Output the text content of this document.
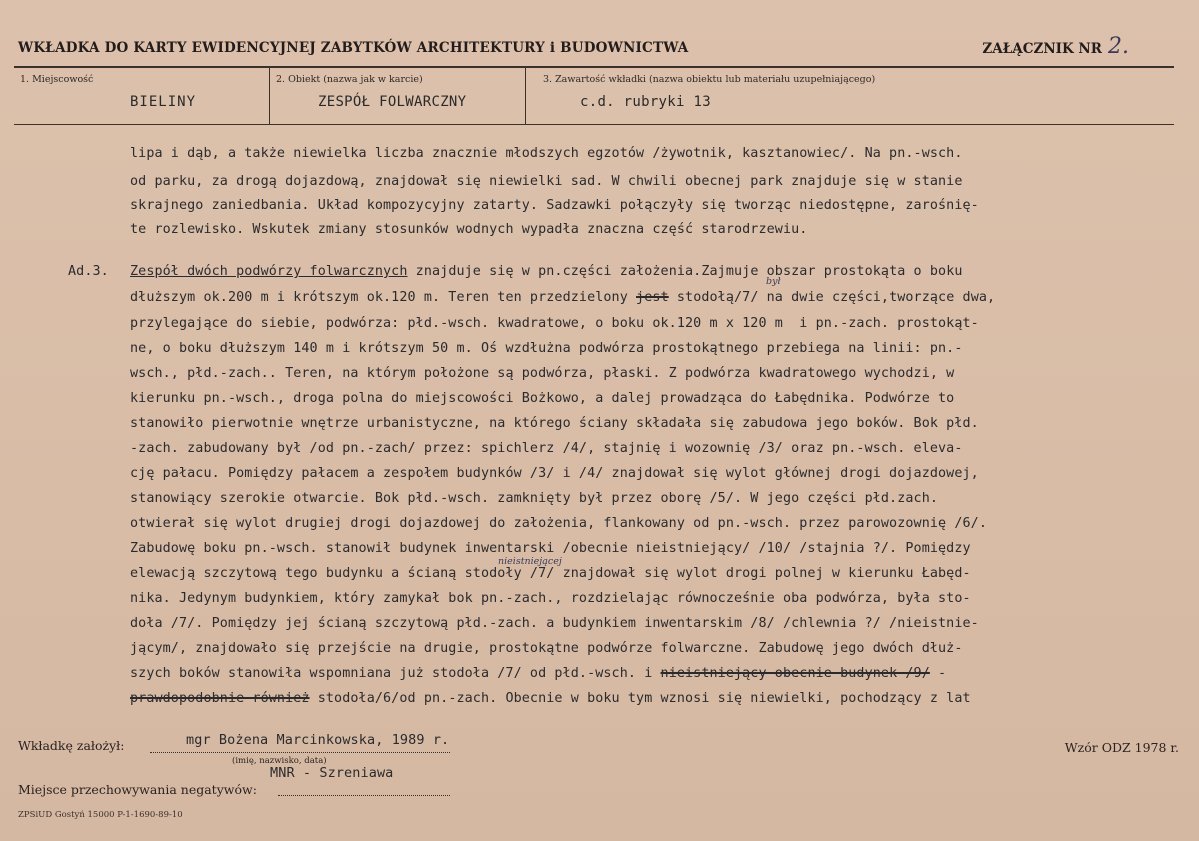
WKŁADKA DO KARTY EWIDENCYJNEJ ZABYTKÓW ARCHITEKTURY i BUDOWNICTWA	ZAŁĄCZNIK NR 2.
1. Miejscowość
BIELINY
2. Obiekt (nazwa jak w karcie)
ZESPÓŁ FOLWARCZNY
3. Zawartość wkładki (nazwa obiektu lub materiału uzupełniającego)
c.d. rubryki 13
lipa i dąb, a także niewielka liczba znacznie młodszych egzotów /żywotnik, kasztanowiec/. Na pn.-wsch.
od parku, za drogą dojazdową, znajdował się niewielki sad. W chwili obecnej park znajduje się w stanie
skrajnego zaniedbania. Układ kompozycyjny zatarty. Sadzawki połączyły się tworząc niedostępne, zarośnię-
te rozlewisko. Wskutek zmiany stosunków wodnych wypadła znaczna część starodrzewiu.
Ad.3. Zespół dwóch podwórzy folwarcznych znajduje się w pn.części założenia.Zajmuje obszar prostokąta o boku
był
dłuższym ok.200 m i krótszym ok.120 m. Teren ten przedzielony jest stodołą/7/ na dwie części,tworzące dwa,
przylegające do siebie, podwórza: płd.-wsch. kwadratowe, o boku ok.120 m x 120 m  i pn.-zach. prostokąt-
ne, o boku dłuższym 140 m i krótszym 50 m. Oś wzdłużna podwórza prostokątnego przebiega na linii: pn.-
wsch., płd.-zach.. Teren, na którym położone są podwórza, płaski. Z podwórza kwadratowego wychodzi, w
kierunku pn.-wsch., droga polna do miejscowości Bożkowo, a dalej prowadząca do Łabędnika. Podwórze to
stanowiło pierwotnie wnętrze urbanistyczne, na którego ściany składała się zabudowa jego boków. Bok płd.
-zach. zabudowany był /od pn.-zach/ przez: spichlerz /4/, stajnię i wozownię /3/ oraz pn.-wsch. eleva-
cję pałacu. Pomiędzy pałacem a zespołem budynków /3/ i /4/ znajdował się wylot głównej drogi dojazdowej,
stanowiący szerokie otwarcie. Bok płd.-wsch. zamknięty był przez oborę /5/. W jego części płd.zach.
otwierał się wylot drugiej drogi dojazdowej do założenia, flankowany od pn.-wsch. przez parowozownię /6/.
Zabudowę boku pn.-wsch. stanowił budynek inwentarski /obecnie nieistniejący/ /10/ /stajnia ?/. Pomiędzy
nieistniejącej
elewacją szczytową tego budynku a ścianą stodoły /7/ znajdował się wylot drogi polnej w kierunku Łabęd-
nika. Jedynym budynkiem, który zamykał bok pn.-zach., rozdzielając równocześnie oba podwórza, była sto-
doła /7/. Pomiędzy jej ścianą szczytową płd.-zach. a budynkiem inwentarskim /8/ /chlewnia ?/ /nieistnie-
jącym/, znajdowało się przejście na drugie, prostokątne podwórze folwarczne. Zabudowę jego dwóch dłuż-
szych boków stanowiła wspomniana już stodoła /7/ od płd.-wsch. i nieistniejący obecnie budynek /9/ -
prawdopodobnie również stodoła/6/od pn.-zach. Obecnie w boku tym wznosi się niewielki, pochodzący z lat
Wkładkę założył:	mgr Bożena Marcinkowska, 1989 r.
(imię, nazwisko, data)
MNR - Szreniawa
Miejsce przechowywania negatywów:
Wzór ODZ 1978 r.
ZPSiUD Gostyń 15000 P-1-1690-89-10
